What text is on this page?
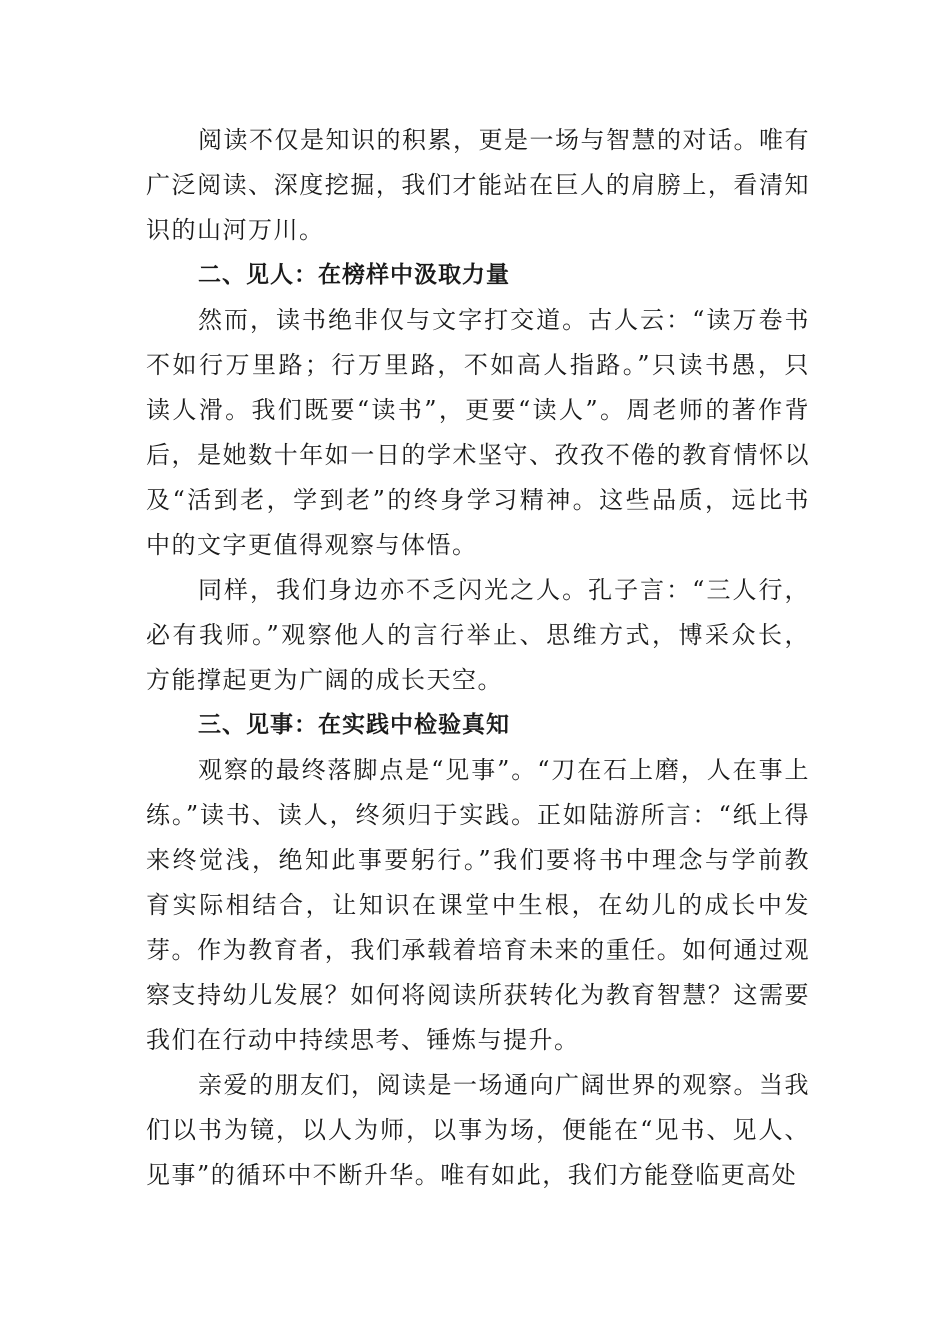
阅读不仅是知识的积累，更是一场与智慧的对话。唯有广泛阅读、深度挖掘，我们才能站在巨人的肩膀上，看清知识的山河万川。

二、见人：在榜样中汲取力量

然而，读书绝非仅与文字打交道。古人云：“读万卷书不如行万里路；行万里路，不如高人指路。”只读书愚，只读人滑。我们既要“读书”，更要“读人”。周老师的著作背后，是她数十年如一日的学术坚守、孜孜不倦的教育情怀以及“活到老，学到老”的终身学习精神。这些品质，远比书中的文字更值得观察与体悟。

同样，我们身边亦不乏闪光之人。孔子言：“三人行，必有我师。”观察他人的言行举止、思维方式，博采众长，方能撑起更为广阔的成长天空。

三、见事：在实践中检验真知

观察的最终落脚点是“见事”。“刀在石上磨，人在事上练。”读书、读人，终须归于实践。正如陆游所言：“纸上得来终觉浅，绝知此事要躬行。”我们要将书中理念与学前教育实际相结合，让知识在课堂中生根，在幼儿的成长中发芽。作为教育者，我们承载着培育未来的重任。如何通过观察支持幼儿发展？如何将阅读所获转化为教育智慧？这需要我们在行动中持续思考、锤炼与提升。

亲爱的朋友们，阅读是一场通向广阔世界的观察。当我们以书为镜，以人为师，以事为场，便能在“见书、见人、见事”的循环中不断升华。唯有如此，我们方能登临更高处
